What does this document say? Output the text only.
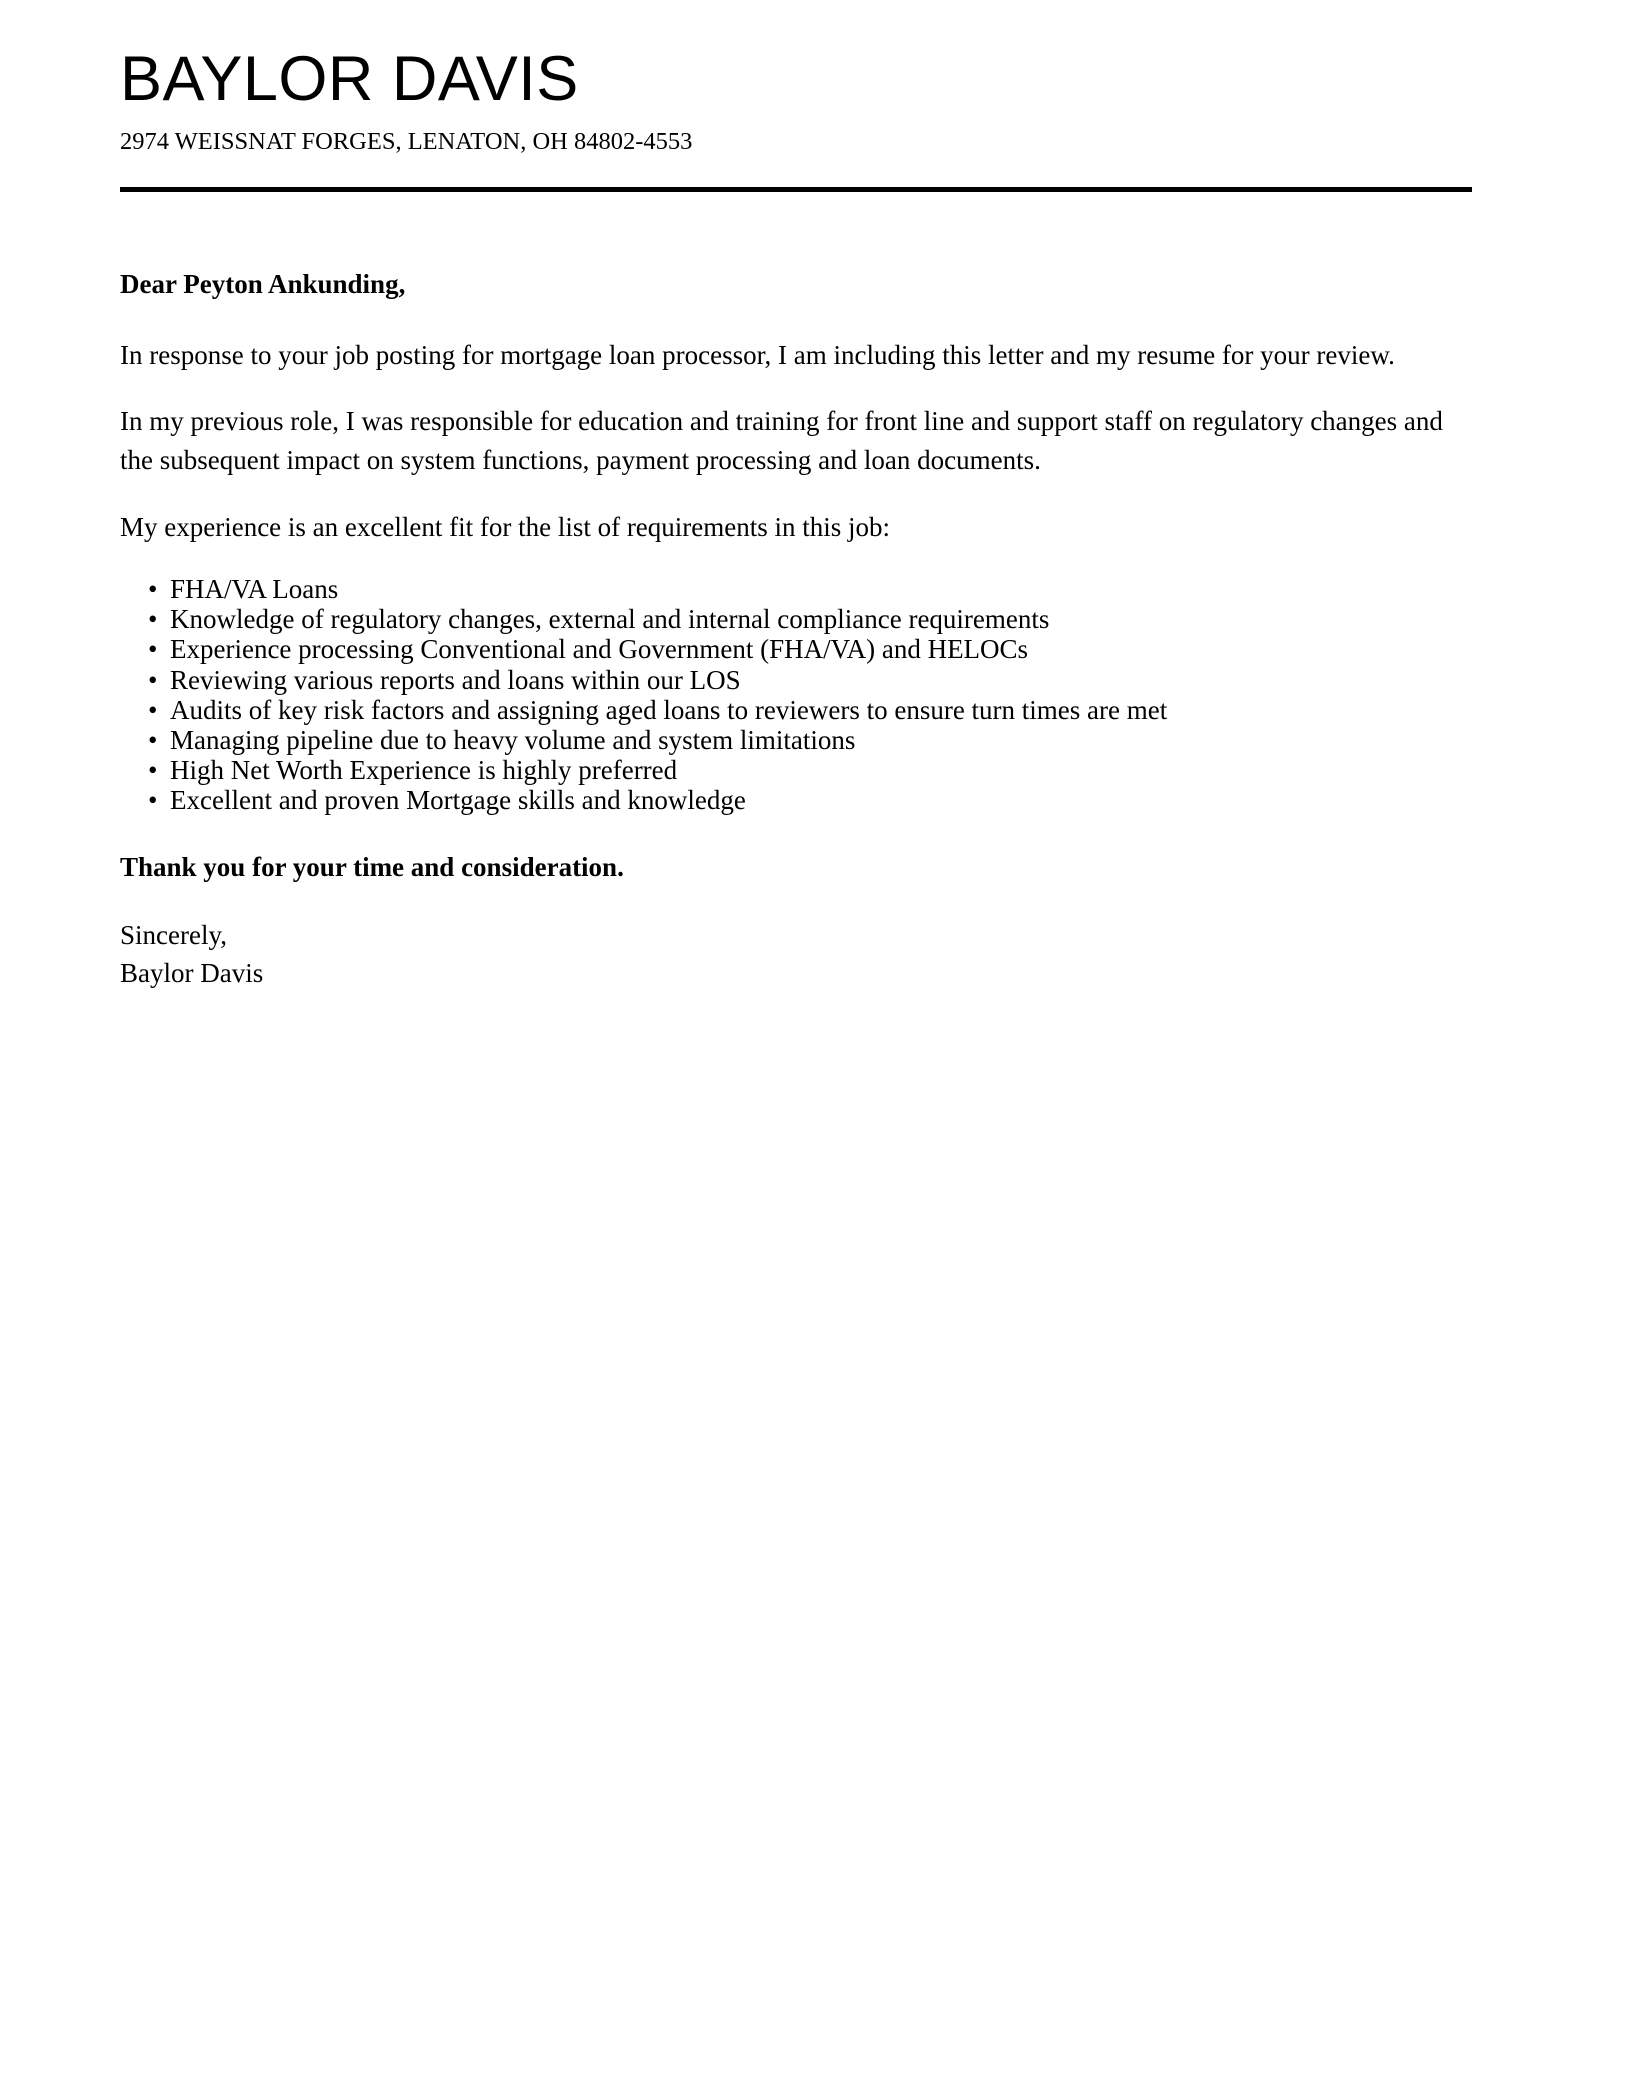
BAYLOR DAVIS
2974 WEISSNAT FORGES, LENATON, OH 84802-4553
Dear Peyton Ankunding,

In response to your job posting for mortgage loan processor, I am including this letter and my resume for your review.

In my previous role, I was responsible for education and training for front line and support staff on regulatory changes and the subsequent impact on system functions, payment processing and loan documents.

My experience is an excellent fit for the list of requirements in this job:

• FHA/VA Loans
• Knowledge of regulatory changes, external and internal compliance requirements
• Experience processing Conventional and Government (FHA/VA) and HELOCs
• Reviewing various reports and loans within our LOS
• Audits of key risk factors and assigning aged loans to reviewers to ensure turn times are met
• Managing pipeline due to heavy volume and system limitations
• High Net Worth Experience is highly preferred
• Excellent and proven Mortgage skills and knowledge
Thank you for your time and consideration.
Sincerely,
Baylor Davis
